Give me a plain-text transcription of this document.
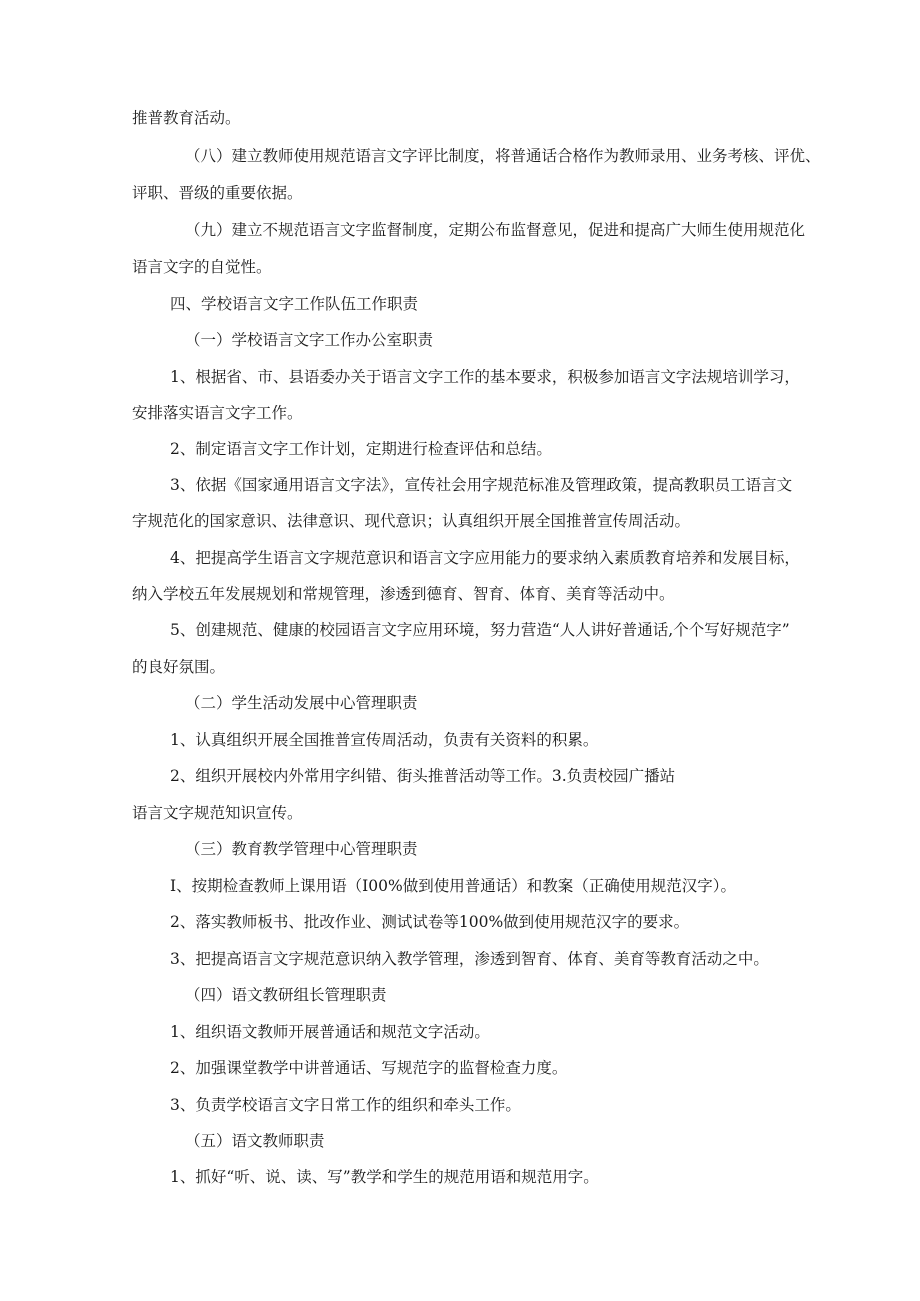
推普教育活动。
（八）建立教师使用规范语言文字评比制度，将普通话合格作为教师录用、业务考核、评优、
评职、晋级的重要依据。
（九）建立不规范语言文字监督制度，定期公布监督意见，促进和提高广大师生使用规范化
语言文字的自觉性。
四、学校语言文字工作队伍工作职责
（一）学校语言文字工作办公室职责
1、根据省、市、县语委办关于语言文字工作的基本要求，积极参加语言文字法规培训学习，
安排落实语言文字工作。
2、制定语言文字工作计划，定期进行检查评估和总结。
3、依据《国家通用语言文字法》，宣传社会用字规范标准及管理政策，提高教职员工语言文
字规范化的国家意识、法律意识、现代意识；认真组织开展全国推普宣传周活动。
4、把提高学生语言文字规范意识和语言文字应用能力的要求纳入素质教育培养和发展目标，
纳入学校五年发展规划和常规管理，渗透到德育、智育、体育、美育等活动中。
5、创建规范、健康的校园语言文字应用环境，努力营造“人人讲好普通话,个个写好规范字”
的良好氛围。
（二）学生活动发展中心管理职责
1、认真组织开展全国推普宣传周活动，负责有关资料的积累。
2、组织开展校内外常用字纠错、街头推普活动等工作。3.负责校园广播站
语言文字规范知识宣传。
（三）教育教学管理中心管理职责
I、按期检查教师上课用语（I00%做到使用普通话）和教案（正确使用规范汉字）。
2、落实教师板书、批改作业、测试试卷等100%做到使用规范汉字的要求。
3、把提高语言文字规范意识纳入教学管理，渗透到智育、体育、美育等教育活动之中。
（四）语文教研组长管理职责
1、组织语文教师开展普通话和规范文字活动。
2、加强课堂教学中讲普通话、写规范字的监督检查力度。
3、负责学校语言文字日常工作的组织和牵头工作。
（五）语文教师职责
1、抓好“听、说、读、写”教学和学生的规范用语和规范用字。
